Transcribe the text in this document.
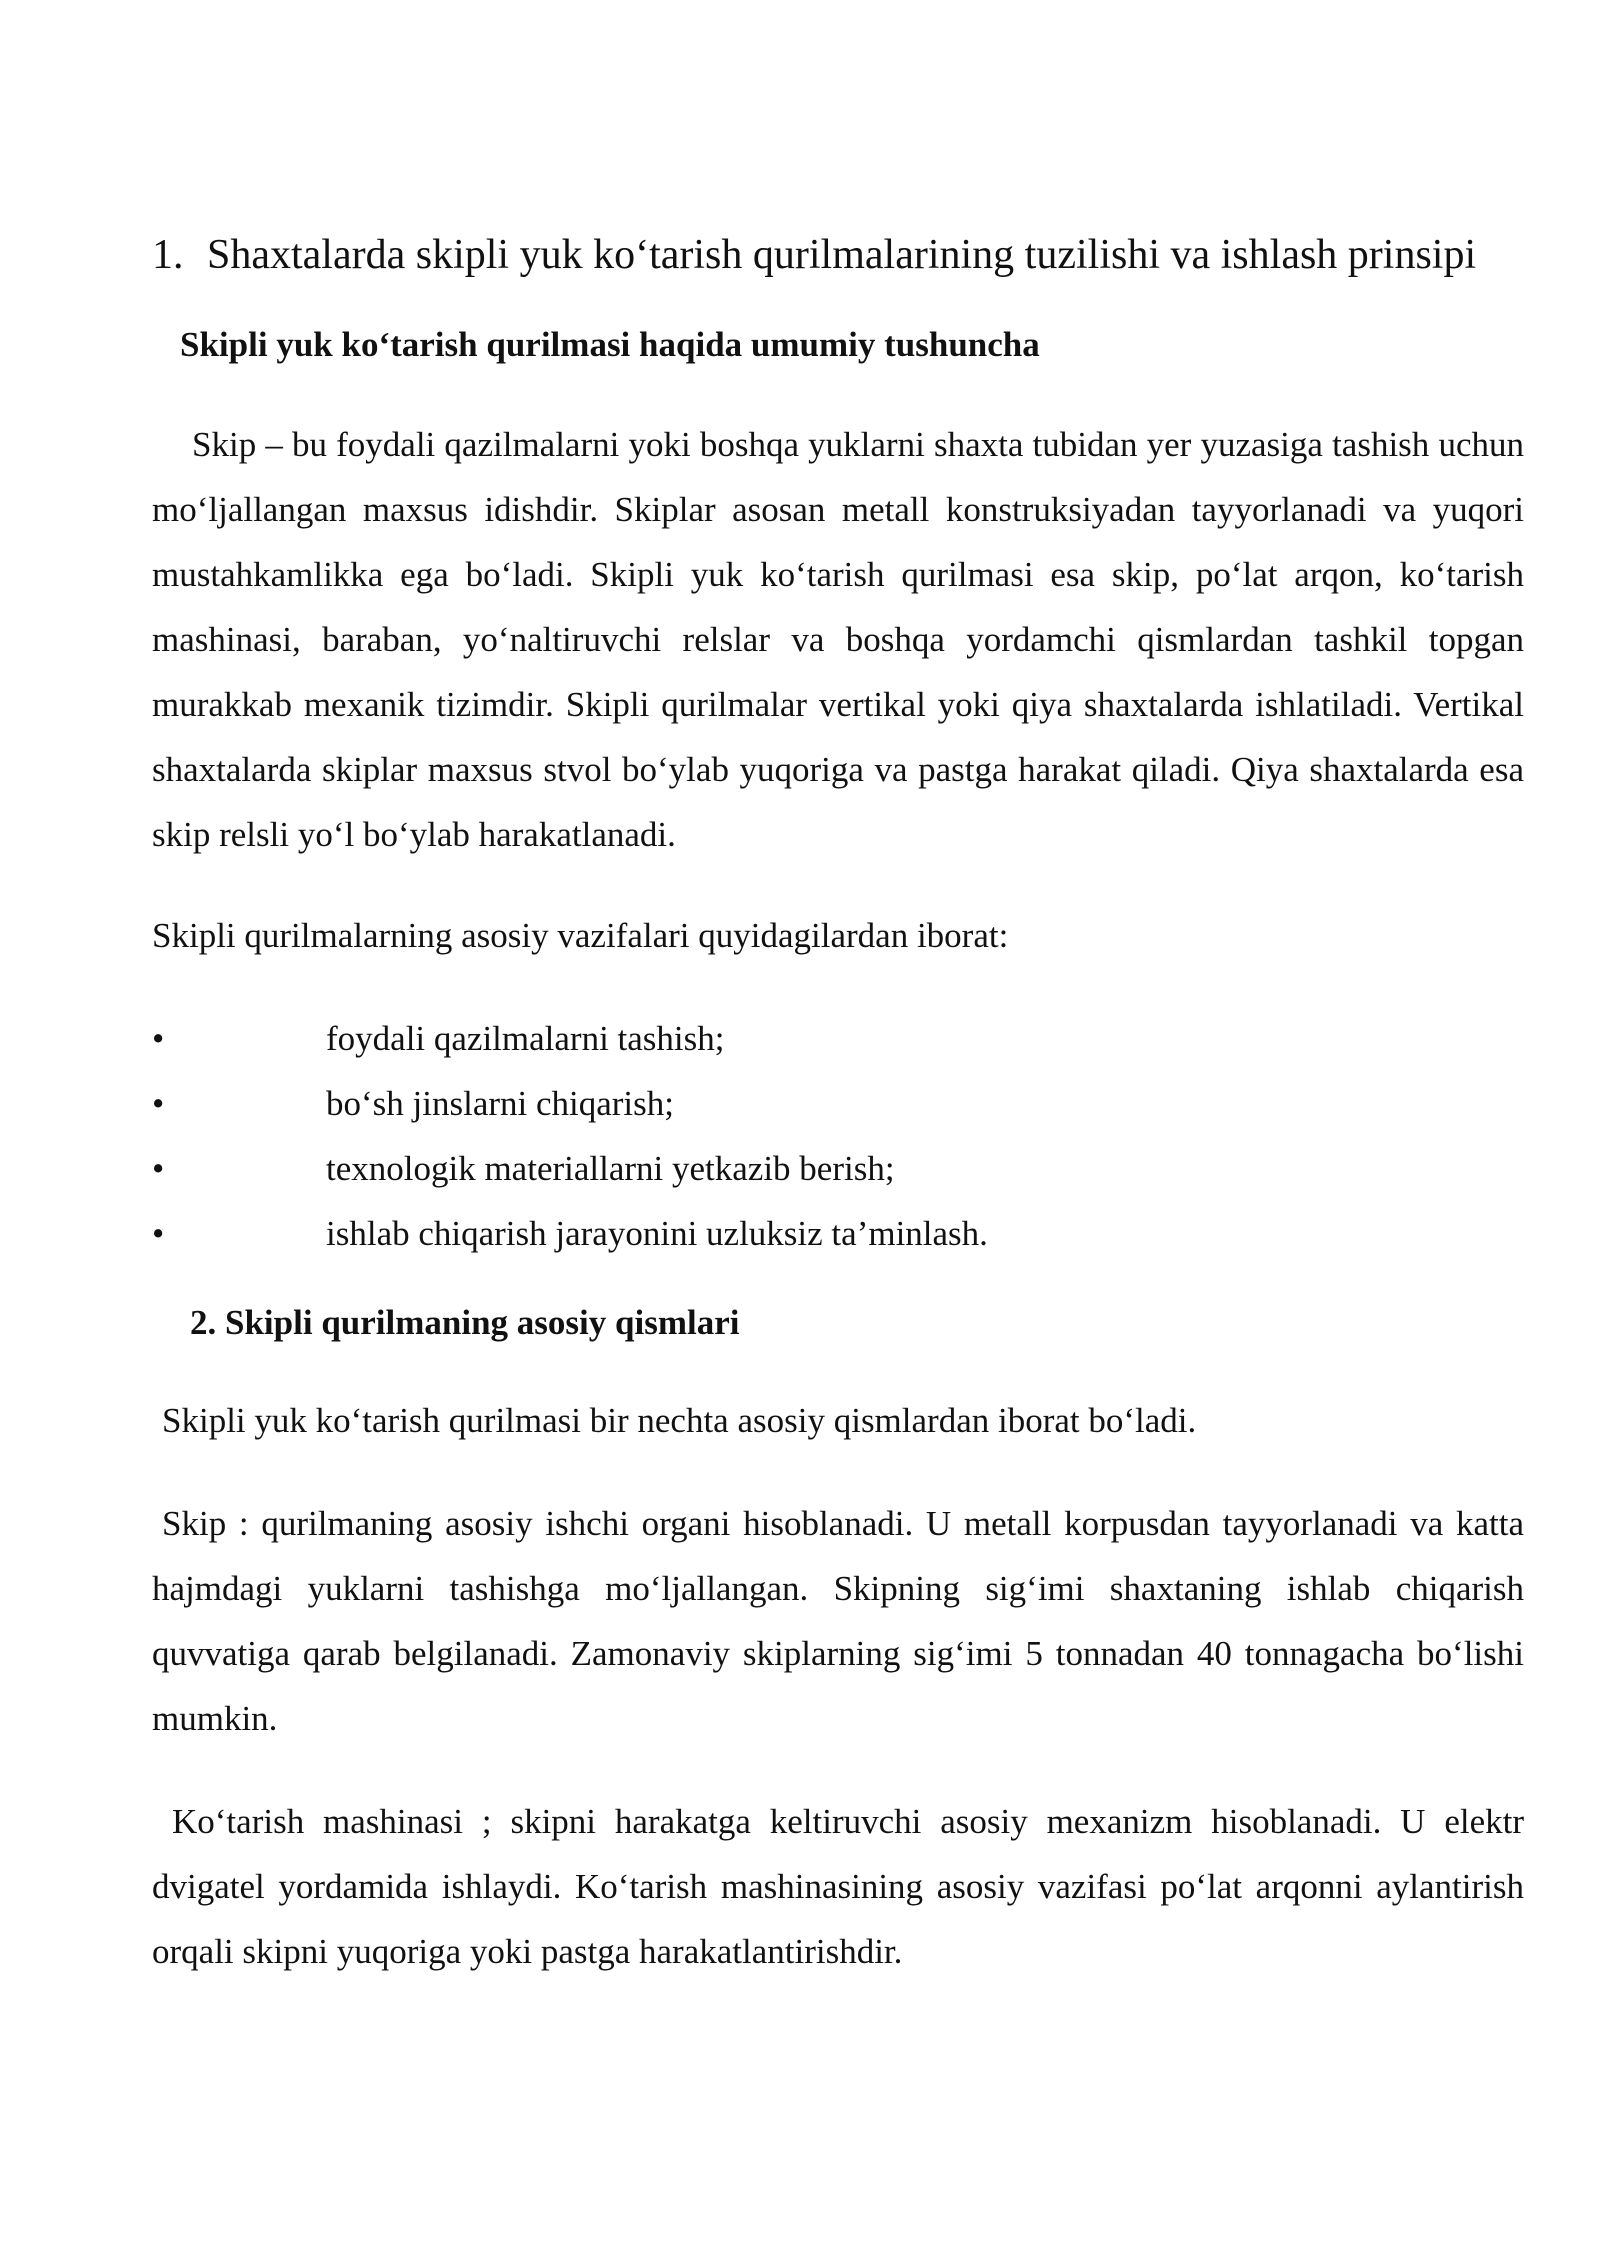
1. Shaxtalarda skipli yuk ko‘tarish qurilmalarining tuzilishi va ishlash prinsipi
Skipli yuk ko‘tarish qurilmasi haqida umumiy tushuncha

Skip – bu foydali qazilmalarni yoki boshqa yuklarni shaxta tubidan yer yuzasiga tashish uchun mo‘ljallangan maxsus idishdir. Skiplar asosan metall konstruksiyadan tayyorlanadi va yuqori mustahkamlikka ega bo‘ladi. Skipli yuk ko‘tarish qurilmasi esa skip, po‘lat arqon, ko‘tarish mashinasi, baraban, yo‘naltiruvchi relslar va boshqa yordamchi qismlardan tashkil topgan murakkab mexanik tizimdir. Skipli qurilmalar vertikal yoki qiya shaxtalarda ishlatiladi. Vertikal shaxtalarda skiplar maxsus stvol bo‘ylab yuqoriga va pastga harakat qiladi. Qiya shaxtalarda esa skip relsli yo‘l bo‘ylab harakatlanadi.

Skipli qurilmalarning asosiy vazifalari quyidagilardan iborat:

•	foydali qazilmalarni tashish;
•	bo‘sh jinslarni chiqarish;
•	texnologik materiallarni yetkazib berish;
•	ishlab chiqarish jarayonini uzluksiz ta’minlash.
2. Skipli qurilmaning asosiy qismlari

Skipli yuk ko‘tarish qurilmasi bir nechta asosiy qismlardan iborat bo‘ladi.

Skip : qurilmaning asosiy ishchi organi hisoblanadi. U metall korpusdan tayyorlanadi va katta hajmdagi yuklarni tashishga mo‘ljallangan. Skipning sig‘imi shaxtaning ishlab chiqarish quvvatiga qarab belgilanadi. Zamonaviy skiplarning sig‘imi 5 tonnadan 40 tonnagacha bo‘lishi mumkin.

Ko‘tarish mashinasi ; skipni harakatga keltiruvchi asosiy mexanizm hisoblanadi. U elektr dvigatel yordamida ishlaydi. Ko‘tarish mashinasining asosiy vazifasi po‘lat arqonni aylantirish orqali skipni yuqoriga yoki pastga harakatlantirishdir.
